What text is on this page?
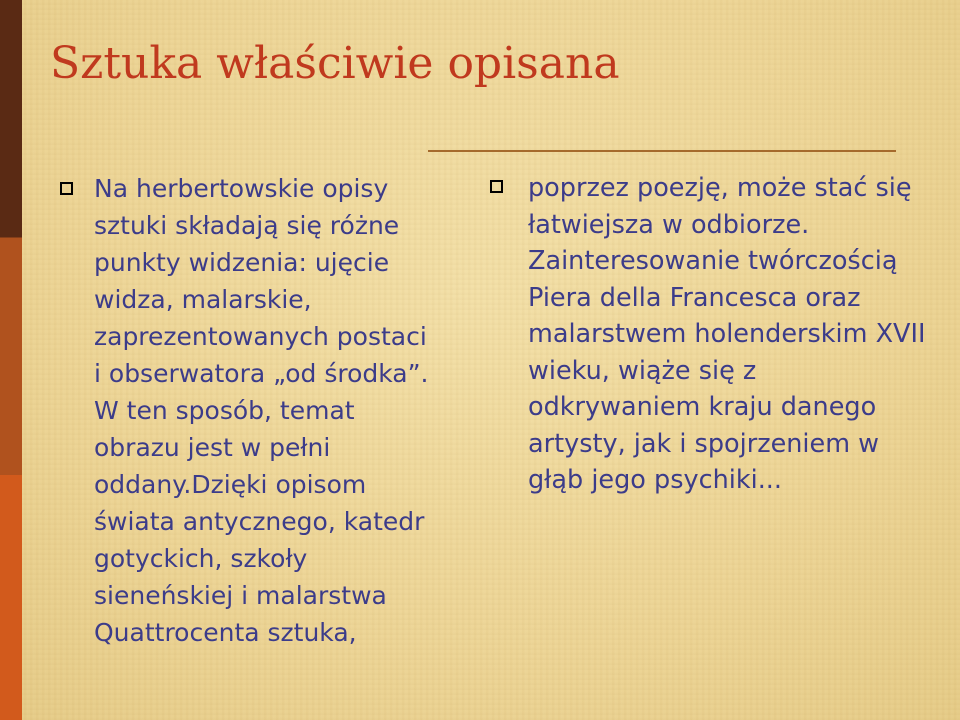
Sztuka właściwie opisana
Na herbertowskie opisy sztuki składają się różne punkty widzenia: ujęcie widza, malarskie, zaprezentowanych postaci i obserwatora „od środka”. W ten sposób, temat obrazu jest w pełni oddany.Dzięki opisom świata antycznego, katedr gotyckich, szkoły sieneńskiej i malarstwa Quattrocenta sztuka,
poprzez poezję, może stać się łatwiejsza w odbiorze. Zainteresowanie twórczością Piera della Francesca oraz malarstwem holenderskim XVII wieku, wiąże się z odkrywaniem kraju danego artysty, jak i spojrzeniem w głąb jego psychiki...
